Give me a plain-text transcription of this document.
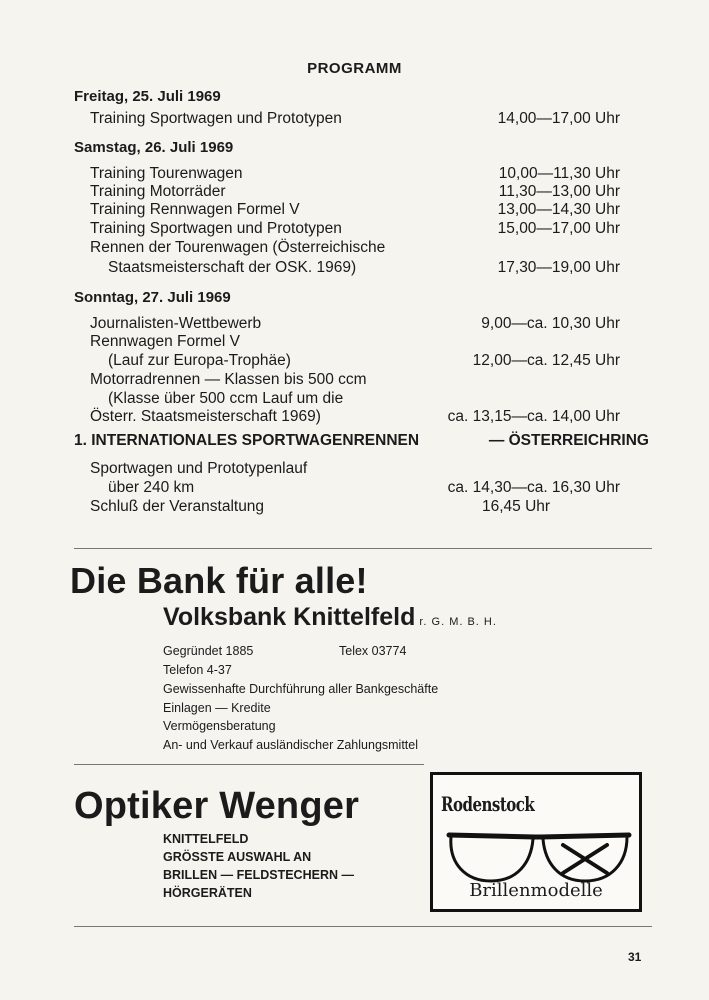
PROGRAMM
Freitag, 25. Juli 1969
Training Sportwagen und Prototypen	14,00—17,00 Uhr
Samstag, 26. Juli 1969
Training Tourenwagen	10,00—11,30 Uhr
Training Motorräder	11,30—13,00 Uhr
Training Rennwagen Formel V	13,00—14,30 Uhr
Training Sportwagen und Prototypen	15,00—17,00 Uhr
Rennen der Tourenwagen (Österreichische
Staatsmeisterschaft der OSK. 1969)	17,30—19,00 Uhr
Sonntag, 27. Juli 1969
Journalisten-Wettbewerb	9,00—ca. 10,30 Uhr
Rennwagen Formel V
(Lauf zur Europa-Trophäe)	12,00—ca. 12,45 Uhr
Motorradrennen — Klassen bis 500 ccm
(Klasse über 500 ccm Lauf um die
Österr. Staatsmeisterschaft 1969)	ca. 13,15—ca. 14,00 Uhr
1. INTERNATIONALES SPORTWAGENRENNEN	— ÖSTERREICHRING
Sportwagen und Prototypenlauf
über 240 km	ca. 14,30—ca. 16,30 Uhr
Schluß der Veranstaltung	16,45 Uhr
Die Bank für alle!
Volksbank Knittelfeld r. G. M. B. H.
Gegründet 1885	Telex 03774
Telefon 4-37
Gewissenhafte Durchführung aller Bankgeschäfte
Einlagen — Kredite
Vermögensberatung
An- und Verkauf ausländischer Zahlungsmittel
Optiker Wenger
KNITTELFELD
GRÖSSTE AUSWAHL AN
BRILLEN — FELDSTECHERN —
HÖRGERÄTEN
Rodenstock
Brillenmodelle
31
